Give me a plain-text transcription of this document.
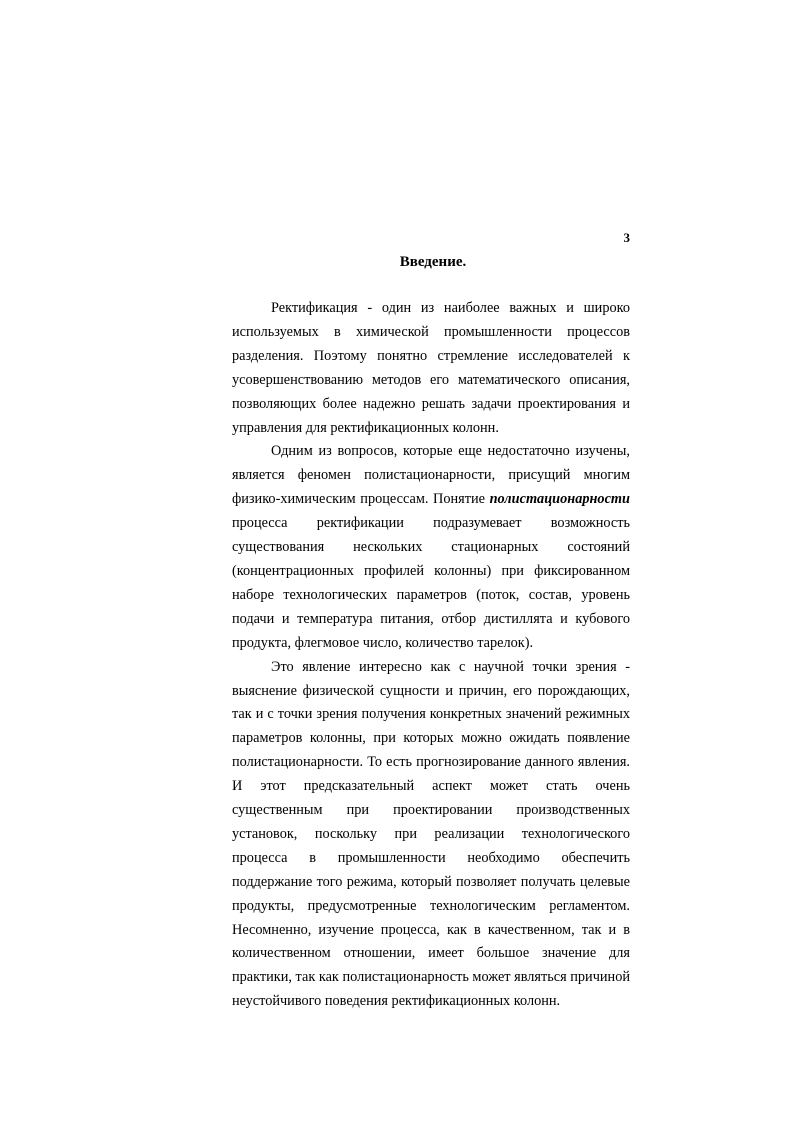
3
Введение.

Ректификация - один из наиболее важных и широко используемых в химической промышленности процессов разделения. Поэтому понятно стремление исследователей к усовершенствованию методов его математического описания, позволяющих более надежно решать задачи проектирования и управления для ректификационных колонн.

Одним из вопросов, которые еще недостаточно изучены, является феномен полистационарности, присущий многим физико-химическим процессам. Понятие полистационарности процесса ректификации подразумевает возможность существования нескольких стационарных состояний (концентрационных профилей колонны) при фиксированном наборе технологических параметров (поток, состав, уровень подачи и температура питания, отбор дистиллята и кубового продукта, флегмовое число, количество тарелок).

Это явление интересно как с научной точки зрения - выяснение физической сущности и причин, его порождающих, так и с точки зрения получения конкретных значений режимных параметров колонны, при которых можно ожидать появление полистационарности. То есть прогнозирование данного явления. И этот предсказательный аспект может стать очень существенным при проектировании производственных установок, поскольку при реализации технологического процесса в промышленности необходимо обеспечить поддержание того режима, который позволяет получать целевые продукты, предусмотренные технологическим регламентом. Несомненно, изучение процесса, как в качественном, так и в количественном отношении, имеет большое значение для практики, так как полистационарность может являться причиной неустойчивого поведения ректификационных колонн.
